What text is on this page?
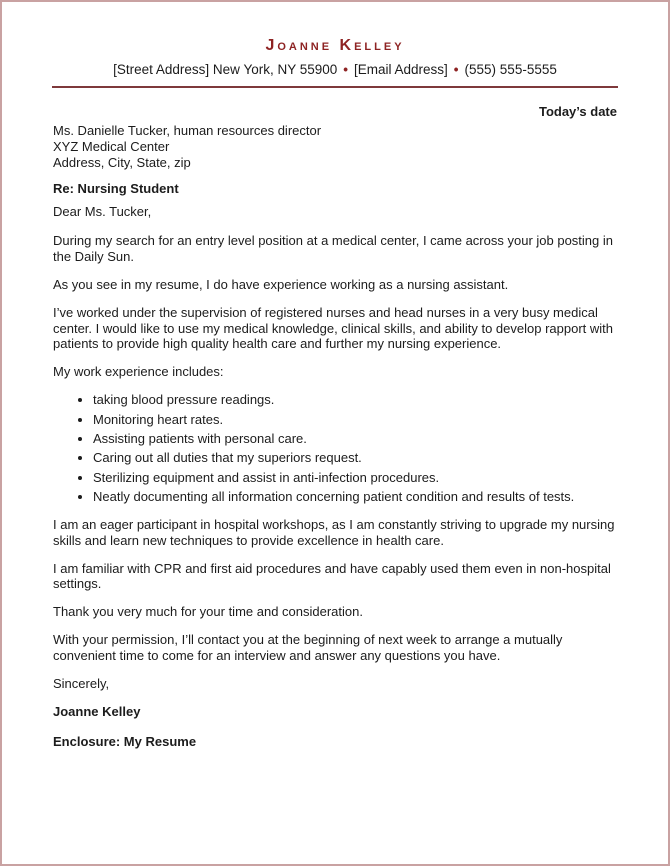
Joanne Kelley
[Street Address] New York, NY 55900 • [Email Address] • (555) 555-5555

Today’s date

Ms. Danielle Tucker, human resources director
XYZ Medical Center
Address, City, State, zip

Re: Nursing Student

Dear Ms. Tucker,

During my search for an entry level position at a medical center, I came across your job posting in the Daily Sun.

As you see in my resume, I do have experience working as a nursing assistant.

I’ve worked under the supervision of registered nurses and head nurses in a very busy medical center. I would like to use my medical knowledge, clinical skills, and ability to develop rapport with patients to provide high quality health care and further my nursing experience.

My work experience includes:

• taking blood pressure readings.
• Monitoring heart rates.
• Assisting patients with personal care.
• Caring out all duties that my superiors request.
• Sterilizing equipment and assist in anti-infection procedures.
• Neatly documenting all information concerning patient condition and results of tests.

I am an eager participant in hospital workshops, as I am constantly striving to upgrade my nursing skills and learn new techniques to provide excellence in health care.

I am familiar with CPR and first aid procedures and have capably used them even in non-hospital settings.

Thank you very much for your time and consideration.

With your permission, I’ll contact you at the beginning of next week to arrange a mutually convenient time to come for an interview and answer any questions you have.

Sincerely,

Joanne Kelley

Enclosure: My Resume
